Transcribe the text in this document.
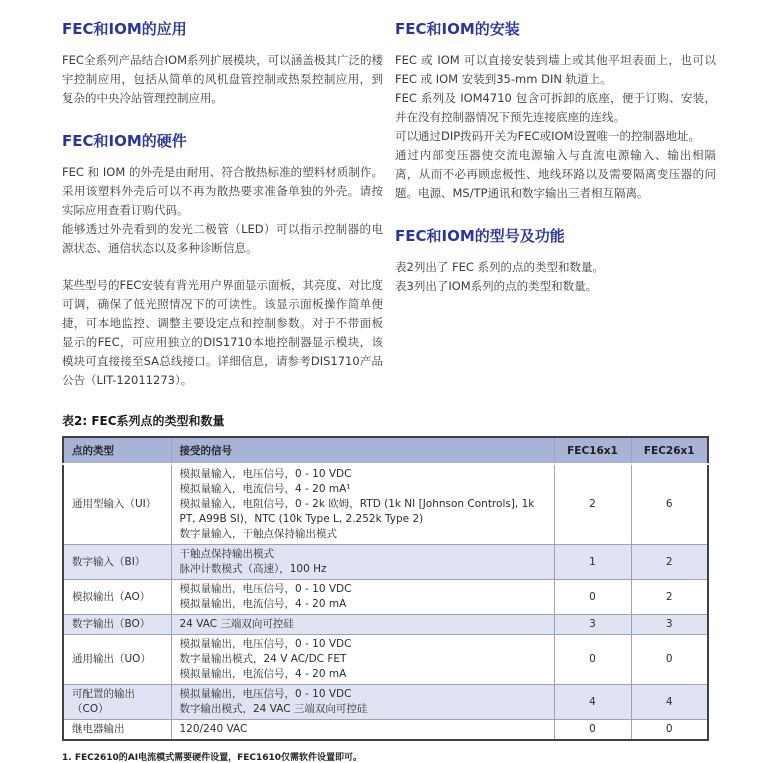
FEC和IOM的应用

FEC全系列产品结合IOM系列扩展模块，可以涵盖极其广泛的楼宇控制应用，包括从简单的风机盘管控制或热泵控制应用，到复杂的中央冷站管理控制应用。

FEC和IOM的硬件

FEC 和 IOM 的外壳是由耐用、符合散热标准的塑料材质制作。采用该塑料外壳后可以不再为散热要求准备单独的外壳。请按实际应用查看订购代码。

能够透过外壳看到的发光二极管（LED）可以指示控制器的电源状态、通信状态以及多种诊断信息。

某些型号的FEC安装有背光用户界面显示面板，其亮度、对比度可调，确保了低光照情况下的可读性。该显示面板操作简单便捷，可本地监控、调整主要设定点和控制参数。对于不带面板显示的FEC，可应用独立的DIS1710本地控制器显示模块，该模块可直接接至SA总线接口。详细信息，请参考DIS1710产品公告（LIT-12011273）。

FEC和IOM的安装

FEC 或 IOM 可以直接安装到墙上或其他平坦表面上，也可以 FEC 或 IOM 安装到35-mm DIN 轨道上。

FEC 系列及 IOM4710 包含可拆卸的底座，便于订购、安装，并在没有控制器情况下预先连接底座的连线。

可以通过DIP拨码开关为FEC或IOM设置唯一的控制器地址。

通过内部变压器使交流电源输入与直流电源输入、输出相隔离，从而不必再顾虑极性、地线环路以及需要隔离变压器的问题。电源、MS/TP通讯和数字输出三者相互隔离。

FEC和IOM的型号及功能

表2列出了 FEC 系列的点的类型和数量。

表3列出了IOM系列的点的类型和数量。

表2: FEC系列点的类型和数量
点的类型	接受的信号	FEC16x1	FEC26x1
通用型输入（UI）	模拟量输入，电压信号，0 - 10 VDC
模拟量输入，电流信号，4 - 20 mA¹
模拟量输入，电阻信号，0 - 2k 欧姆，RTD (1k NI [Johnson Controls], 1k PT, A99B SI)，NTC (10k Type L, 2.252k Type 2)
数字量输入，干触点保持输出模式	2	6
数字输入（BI）	干触点保持输出模式
脉冲计数模式（高速），100 Hz	1	2
模拟输出（AO）	模拟量输出，电压信号，0 - 10 VDC
模拟量输出，电流信号，4 - 20 mA	0	2
数字输出（BO）	24 VAC 三端双向可控硅	3	3
通用输出（UO）	模拟量输出，电压信号，0 - 10 VDC
数字量输出模式，24 V AC/DC FET
模拟量输出，电流信号，4 - 20 mA	0	0
可配置的输出（CO）	模拟量输出，电压信号，0 - 10 VDC
数字输出模式，24 VAC 三端双向可控硅	4	4
继电器输出	120/240 VAC	0	0
1. FEC2610的AI电流模式需要硬件设置，FEC1610仅需软件设置即可。
